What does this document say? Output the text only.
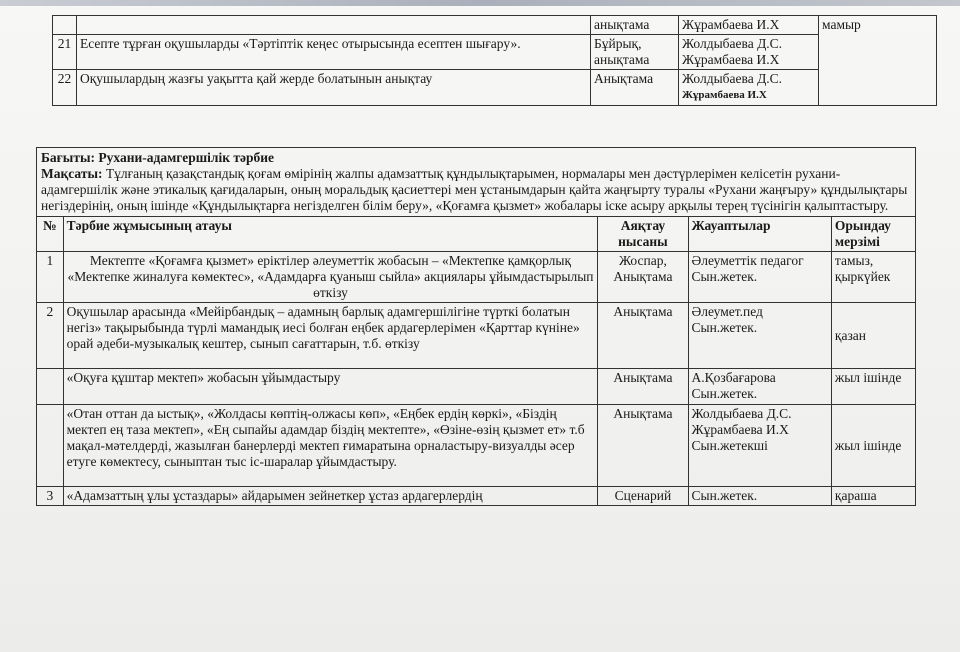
		анықтама	Жұрамбаева И.Х	мамыр
21	Есепте тұрған оқушыларды «Тәртіптік кеңес отырысында есептен шығару».	Бұйрық, анықтама	Жолдыбаева Д.С.
Жұрамбаева И.Х	

22	Оқушылардың жазғы уақытта қай жерде болатынын анықтау	Анықтама	Жолдыбаева Д.С.
Жұрамбаева И.Х	
Бағыты: Рухани-адамгершілік тәрбие
Мақсаты: Тұлғаның қазақстандық қоғам өмірінің жалпы адамзаттық құндылықтарымен, нормалары мен дәстүрлерімен келісетін рухани-адамгершілік және этикалық қағидаларын, оның моральдық қасиеттері мен ұстанымдарын қайта жаңғырту туралы «Рухани жаңғыру» құндылықтары негіздерінің, оның ішінде «Құндылықтарға негізделген білім беру», «Қоғамға қызмет» жобалары іске асыру арқылы терең түсінігін қалыптастыру.				

№	Тәрбие жұмысының атауы	Аяқтау нысаны	Жауаптылар	Орындау мерзімі
1	Мектепте «Қоғамға қызмет» еріктілер әлеуметтік жобасын – «Мектепке қамқорлық «Мектепке жиналуға көмектес», «Адамдарға қуаныш сыйла» акциялары ұйымдастырылып өткізу	Жоспар, Анықтама	Әлеуметтік педагог Сын.жетек.	тамыз, қыркүйек
2	Оқушылар арасында «Мейірбандық – адамның барлық адамгершілігіне түрткі болатын негіз» тақырыбында түрлі мамандық иесі болған еңбек ардагерлерімен «Қарттар күніне» орай әдеби-музыкалық кештер, сынып сағаттарын, т.б. өткізу	Анықтама	Әлеумет.пед Сын.жетек.	қазан
	«Оқуға құштар мектеп» жобасын ұйымдастыру	Анықтама	А.Қозбағарова Сын.жетек.	жыл ішінде
	«Отан оттан да ыстық», «Жолдасы көптің-олжасы көп», «Еңбек ердің көркі», «Біздің мектеп ең таза мектеп», «Ең сыпайы адамдар біздің мектепте», «Өзіне-өзің қызмет ет» т.б мақал-мәтелдерді, жазылған банерлерді мектеп ғимаратына орналастыру-визуалды әсер етуге көмектесу, сыныптан тыс іс-шаралар ұйымдастыру.	Анықтама	Жолдыбаева Д.С. Жұрамбаева И.Х Сын.жетекші	жыл ішінде
3	«Адамзаттың ұлы ұстаздары» айдарымен зейнеткер ұстаз ардагерлердің	Сценарий	Сын.жетек.	қараша
